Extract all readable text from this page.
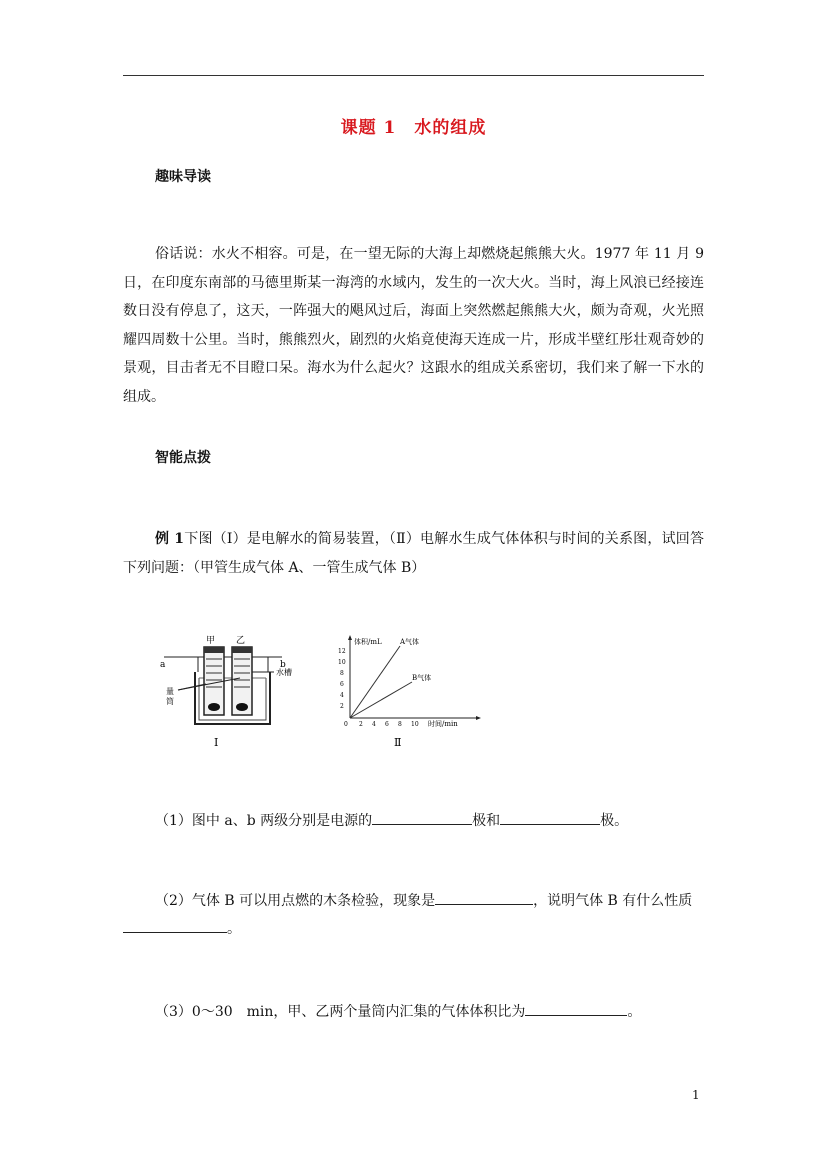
课题 1　水的组成
趣味导读
俗话说：水火不相容。可是，在一望无际的大海上却燃烧起熊熊大火。1977 年 11 月 9 日，在印度东南部的马德里斯某一海湾的水域内，发生的一次大火。当时，海上风浪已经接连数日没有停息了，这天，一阵强大的飓风过后，海面上突然燃起熊熊大火，颇为奇观，火光照耀四周数十公里。当时，熊熊烈火，剧烈的火焰竟使海天连成一片，形成半壁红彤壮观奇妙的景观，目击者无不目瞪口呆。海水为什么起火？这跟水的组成关系密切，我们来了解一下水的组成。
智能点拨
例 1下图（Ⅰ）是电解水的简易装置，（Ⅱ）电解水生成气体体积与时间的关系图，试回答下列问题：（甲管生成气体 A、一管生成气体 B）
甲 乙
a	b
水槽
量
筒
Ⅰ
2
4
6
8
10
12
0 2 4 6 8 10
体积/mL	A气体
B气体
时间/min
Ⅱ
（1）图中 a、b 两级分别是电源的	极和	极。
（2）气体 B 可以用点燃的木条检验，现象是	，说明气体 B 有什么性质
。
（3）0～30　min，甲、乙两个量筒内汇集的气体体积比为	。
1
